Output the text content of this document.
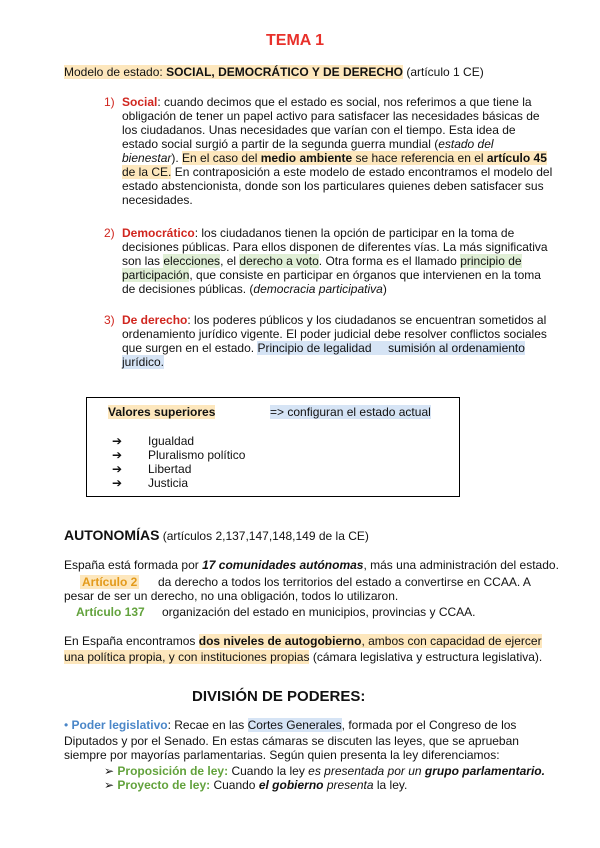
TEMA 1
Modelo de estado: SOCIAL, DEMOCRÁTICO Y DE DERECHO (artículo 1 CE)
1) Social: cuando decimos que el estado es social, nos referimos a que tiene la
obligación de tener un papel activo para satisfacer las necesidades básicas de
los ciudadanos. Unas necesidades que varían con el tiempo. Esta idea de
estado social surgió a partir de la segunda guerra mundial (estado del
bienestar). En el caso del medio ambiente se hace referencia en el artículo 45
de la CE. En contraposición a este modelo de estado encontramos el modelo del
estado abstencionista, donde son los particulares quienes deben satisfacer sus
necesidades.
2) Democrático: los ciudadanos tienen la opción de participar en la toma de
decisiones públicas. Para ellos disponen de diferentes vías. La más significativa
son las elecciones, el derecho a voto. Otra forma es el llamado principio de
participación, que consiste en participar en órganos que intervienen en la toma
de decisiones públicas. (democracia participativa)
3) De derecho: los poderes públicos y los ciudadanos se encuentran sometidos al
ordenamiento jurídico vigente. El poder judicial debe resolver conflictos sociales
que surgen en el estado. Principio de legalidad     sumisión al ordenamiento
jurídico.
Valores superiores	=> configuran el estado actual
➔ Igualdad
➔ Pluralismo político
➔ Libertad
➔ Justicia
AUTONOMÍAS (artículos 2,137,147,148,149 de la CE)
España está formada por 17 comunidades autónomas, más una administración del estado.
Artículo 2 da derecho a todos los territorios del estado a convertirse en CCAA. A
pesar de ser un derecho, no una obligación, todos lo utilizaron.
Artículo 137 organización del estado en municipios, provincias y CCAA.
En España encontramos dos niveles de autogobierno, ambos con capacidad de ejercer
una política propia, y con instituciones propias (cámara legislativa y estructura legislativa).
DIVISIÓN DE PODERES:
• Poder legislativo: Recae en las Cortes Generales, formada por el Congreso de los
Diputados y por el Senado. En estas cámaras se discuten las leyes, que se aprueban
siempre por mayorías parlamentarias. Según quien presenta la ley diferenciamos:
➢ Proposición de ley: Cuando la ley es presentada por un grupo parlamentario.
➢ Proyecto de ley: Cuando el gobierno presenta la ley.
